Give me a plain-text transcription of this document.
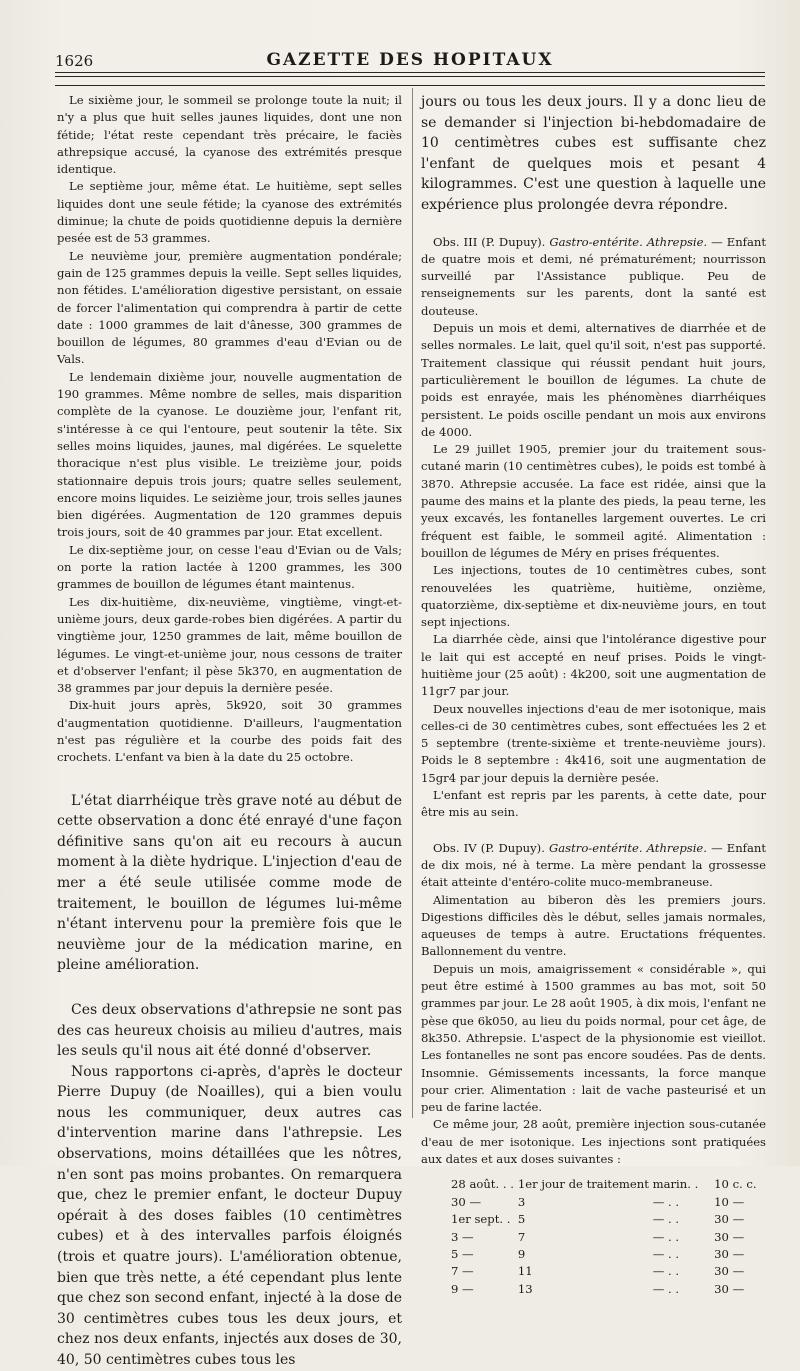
1626	GAZETTE DES HOPITAUX

Le sixième jour, le sommeil se prolonge toute la nuit; il n'y a plus que huit selles jaunes liquides, dont une non fétide; l'état reste cependant très précaire, le faciès athrepsique accusé, la cyanose des extrémités presque identique.

Le septième jour, même état. Le huitième, sept selles liquides dont une seule fétide; la cyanose des extrémités diminue; la chute de poids quotidienne depuis la dernière pesée est de 53 grammes.

Le neuvième jour, première augmentation pondérale; gain de 125 grammes depuis la veille. Sept selles liquides, non fétides. L'amélioration digestive persistant, on essaie de forcer l'alimentation qui comprendra à partir de cette date : 1000 grammes de lait d'ânesse, 300 grammes de bouillon de légumes, 80 grammes d'eau d'Evian ou de Vals.

Le lendemain dixième jour, nouvelle augmentation de 190 grammes. Même nombre de selles, mais disparition complète de la cyanose. Le douzième jour, l'enfant rit, s'intéresse à ce qui l'entoure, peut soutenir la tête. Six selles moins liquides, jaunes, mal digérées. Le squelette thoracique n'est plus visible. Le treizième jour, poids stationnaire depuis trois jours; quatre selles seulement, encore moins liquides. Le seizième jour, trois selles jaunes bien digérées. Augmentation de 120 grammes depuis trois jours, soit de 40 grammes par jour. Etat excellent.

Le dix-septième jour, on cesse l'eau d'Evian ou de Vals; on porte la ration lactée à 1200 grammes, les 300 grammes de bouillon de légumes étant maintenus.

Les dix-huitième, dix-neuvième, vingtième, vingt-et-unième jours, deux garde-robes bien digérées. A partir du vingtième jour, 1250 grammes de lait, même bouillon de légumes. Le vingt-et-unième jour, nous cessons de traiter et d'observer l'enfant; il pèse 5k370, en augmentation de 38 grammes par jour depuis la dernière pesée.

Dix-huit jours après, 5k920, soit 30 grammes d'augmentation quotidienne. D'ailleurs, l'augmentation n'est pas régulière et la courbe des poids fait des crochets. L'enfant va bien à la date du 25 octobre.

L'état diarrhéique très grave noté au début de cette observation a donc été enrayé d'une façon définitive sans qu'on ait eu recours à aucun moment à la diète hydrique. L'injection d'eau de mer a été seule utilisée comme mode de traitement, le bouillon de légumes lui-même n'étant intervenu pour la première fois que le neuvième jour de la médication marine, en pleine amélioration.

Ces deux observations d'athrepsie ne sont pas des cas heureux choisis au milieu d'autres, mais les seuls qu'il nous ait été donné d'observer.

Nous rapportons ci-après, d'après le docteur Pierre Dupuy (de Noailles), qui a bien voulu nous les communiquer, deux autres cas d'intervention marine dans l'athrepsie. Les observations, moins détaillées que les nôtres, n'en sont pas moins probantes. On remarquera que, chez le premier enfant, le docteur Dupuy opérait à des doses faibles (10 centimètres cubes) et à des intervalles parfois éloignés (trois et quatre jours). L'amélioration obtenue, bien que très nette, a été cependant plus lente que chez son second enfant, injecté à la dose de 30 centimètres cubes tous les deux jours, et chez nos deux enfants, injectés aux doses de 30, 40, 50 centimètres cubes tous les

jours ou tous les deux jours. Il y a donc lieu de se demander si l'injection bi-hebdomadaire de 10 centimètres cubes est suffisante chez l'enfant de quelques mois et pesant 4 kilogrammes. C'est une question à laquelle une expérience plus prolongée devra répondre.

Obs. III (P. Dupuy). Gastro-entérite. Athrepsie. — Enfant de quatre mois et demi, né prématurément; nourrisson surveillé par l'Assistance publique. Peu de renseignements sur les parents, dont la santé est douteuse.

Depuis un mois et demi, alternatives de diarrhée et de selles normales. Le lait, quel qu'il soit, n'est pas supporté. Traitement classique qui réussit pendant huit jours, particulièrement le bouillon de légumes. La chute de poids est enrayée, mais les phénomènes diarrhéiques persistent. Le poids oscille pendant un mois aux environs de 4000.

Le 29 juillet 1905, premier jour du traitement sous-cutané marin (10 centimètres cubes), le poids est tombé à 3870. Athrepsie accusée. La face est ridée, ainsi que la paume des mains et la plante des pieds, la peau terne, les yeux excavés, les fontanelles largement ouvertes. Le cri fréquent est faible, le sommeil agité. Alimentation : bouillon de légumes de Méry en prises fréquentes.

Les injections, toutes de 10 centimètres cubes, sont renouvelées les quatrième, huitième, onzième, quatorzième, dix-septième et dix-neuvième jours, en tout sept injections.

La diarrhée cède, ainsi que l'intolérance digestive pour le lait qui est accepté en neuf prises. Poids le vingt-huitième jour (25 août) : 4k200, soit une augmentation de 11gr7 par jour.

Deux nouvelles injections d'eau de mer isotonique, mais celles-ci de 30 centimètres cubes, sont effectuées les 2 et 5 septembre (trente-sixième et trente-neuvième jours). Poids le 8 septembre : 4k416, soit une augmentation de 15gr4 par jour depuis la dernière pesée.

L'enfant est repris par les parents, à cette date, pour être mis au sein.

Obs. IV (P. Dupuy). Gastro-entérite. Athrepsie. — Enfant de dix mois, né à terme. La mère pendant la grossesse était atteinte d'entéro-colite muco-membraneuse.

Alimentation au biberon dès les premiers jours. Digestions difficiles dès le début, selles jamais normales, aqueuses de temps à autre. Eructations fréquentes. Ballonnement du ventre.

Depuis un mois, amaigrissement « considérable », qui peut être estimé à 1500 grammes au bas mot, soit 50 grammes par jour. Le 28 août 1905, à dix mois, l'enfant ne pèse que 6k050, au lieu du poids normal, pour cet âge, de 8k350. Athrepsie. L'aspect de la physionomie est vieillot. Les fontanelles ne sont pas encore soudées. Pas de dents. Insomnie. Gémissements incessants, la force manque pour crier. Alimentation : lait de vache pasteurisé et un peu de farine lactée.

Ce même jour, 28 août, première injection sous-cutanée d'eau de mer isotonique. Les injections sont pratiquées aux dates et aux doses suivantes :

28 août. . .	1er jour de traitement marin. .			10 c. c.
30 —	3	— . .		10 —
1er sept. .	5	— . .		30 —
3 —	7	— . .		30 —
5 —	9	— . .		30 —
7 —	11	— . .		30 —
9 —	13	— . .		30 —
